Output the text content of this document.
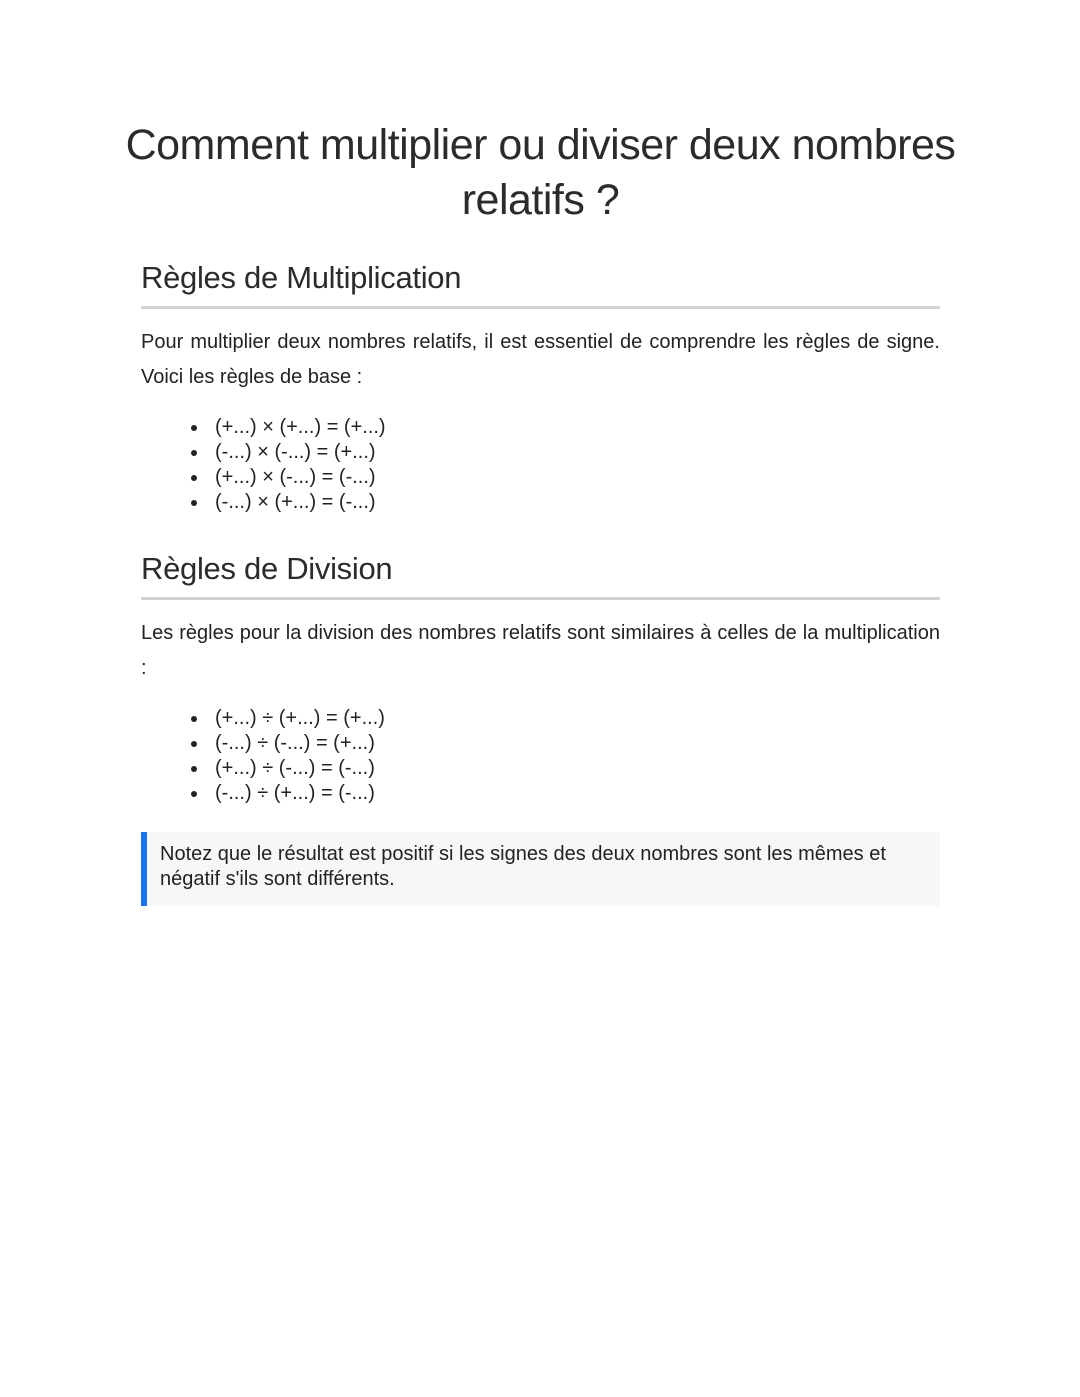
Comment multiplier ou diviser deux nombres relatifs ?
Règles de Multiplication

Pour multiplier deux nombres relatifs, il est essentiel de comprendre les règles de signe. Voici les règles de base :

(+...) × (+...) = (+...)
(-...) × (-...) = (+...)
(+...) × (-...) = (-...)
(-...) × (+...) = (-...)
Règles de Division

Les règles pour la division des nombres relatifs sont similaires à celles de la multiplication :

(+...) ÷ (+...) = (+...)
(-...) ÷ (-...) = (+...)
(+...) ÷ (-...) = (-...)
(-...) ÷ (+...) = (-...)
Notez que le résultat est positif si les signes des deux nombres sont les mêmes et négatif s'ils sont différents.
